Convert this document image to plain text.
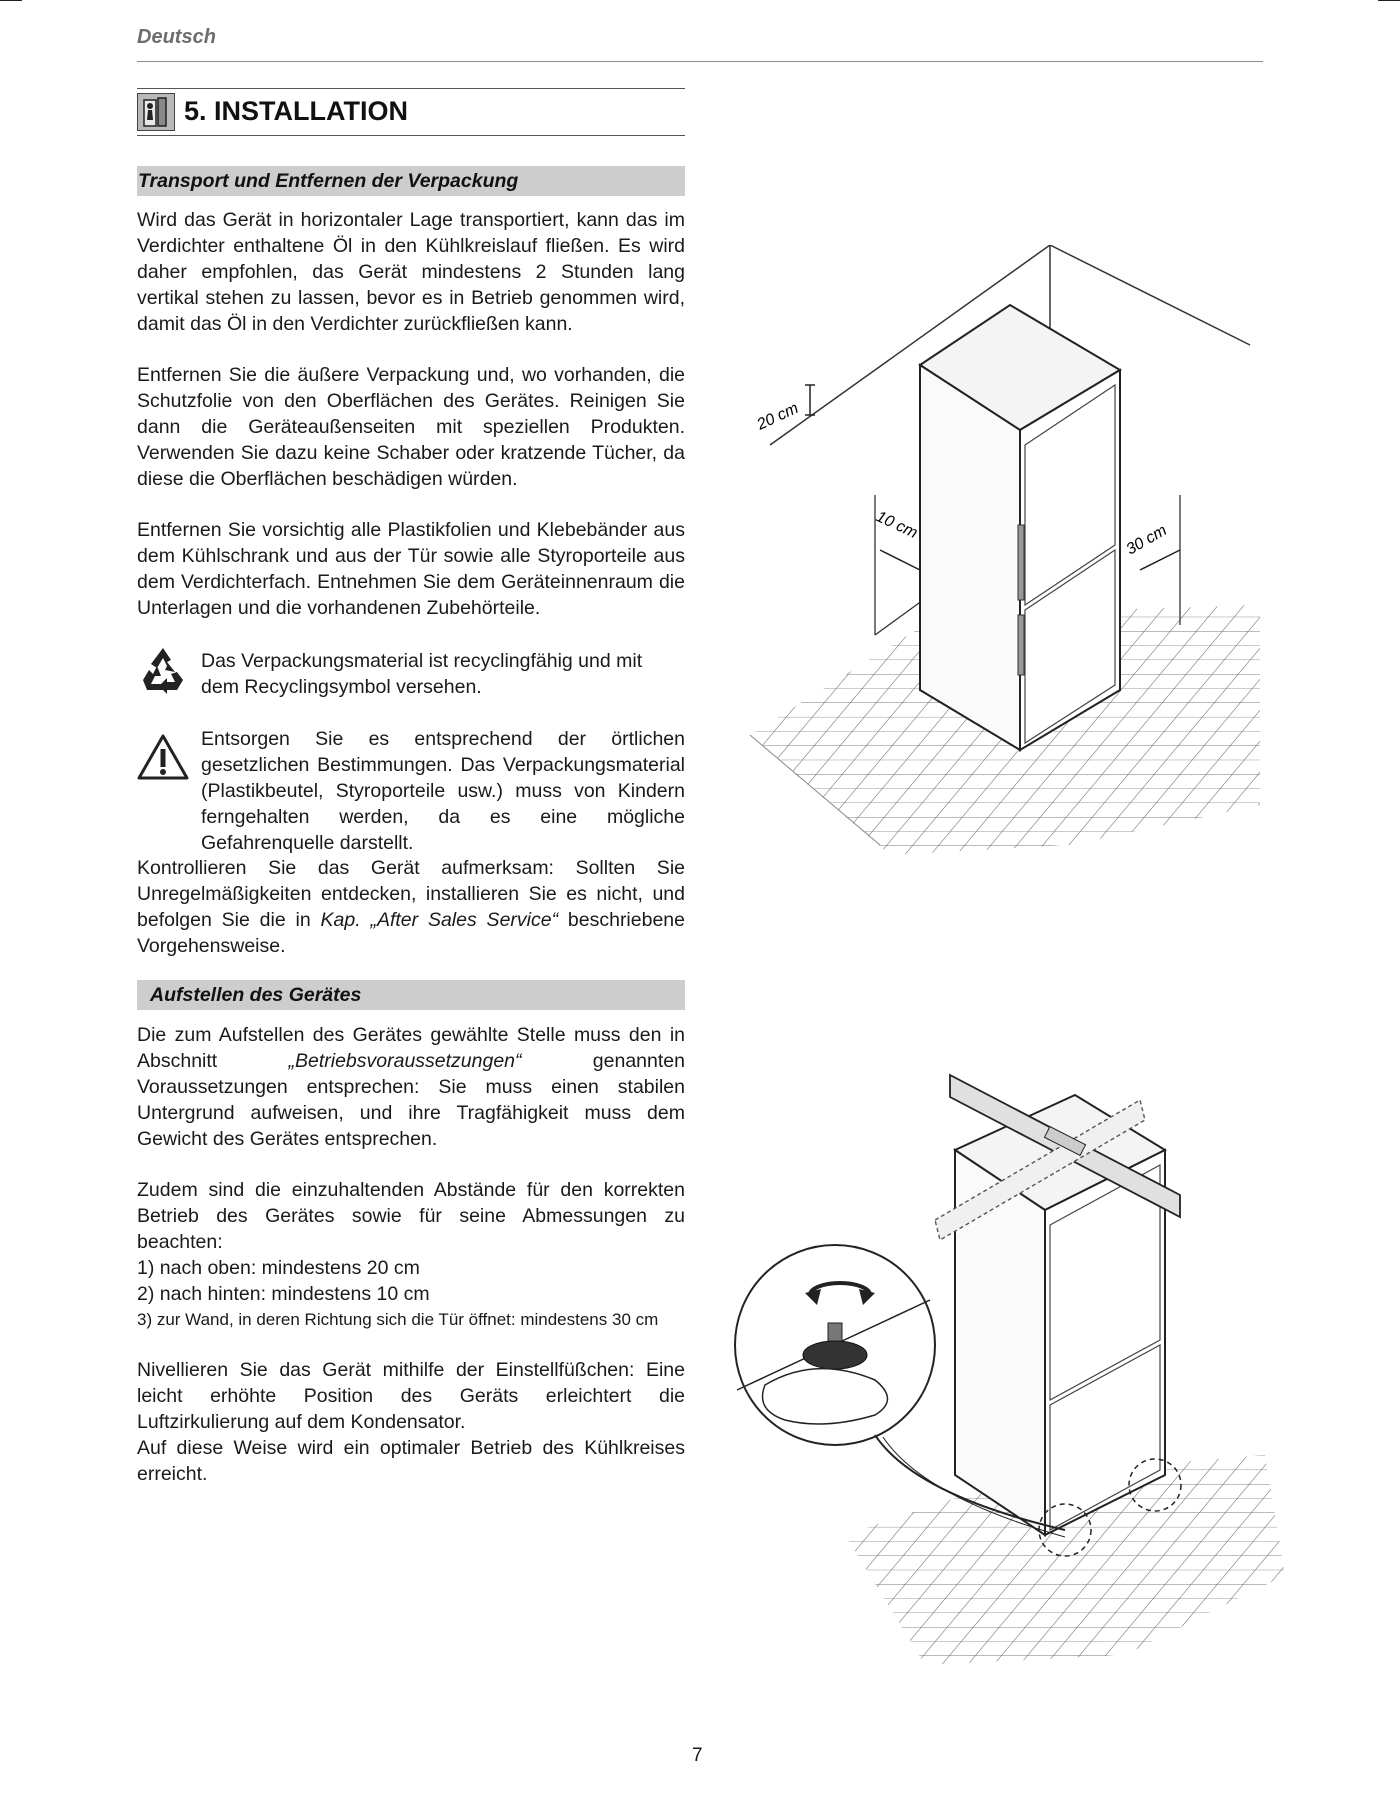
Deutsch
5. INSTALLATION
Transport und Entfernen der Verpackung

Wird das Gerät in horizontaler Lage transportiert, kann das im Verdichter enthaltene Öl in den Kühlkreislauf fließen. Es wird daher empfohlen, das Gerät mindestens 2 Stunden lang vertikal stehen zu lassen, bevor es in Betrieb genommen wird, damit das Öl in den Verdichter zurückfließen kann.

Entfernen Sie die äußere Verpackung und, wo vorhanden, die Schutzfolie von den Oberflächen des Gerätes. Reinigen Sie dann die Geräteaußenseiten mit speziellen Produkten. Verwenden Sie dazu keine Schaber oder kratzende Tücher, da diese die Oberflächen beschädigen würden.

Entfernen Sie vorsichtig alle Plastikfolien und Klebebänder aus dem Kühlschrank und aus der Tür sowie alle Styroporteile aus dem Verdichterfach. Entnehmen Sie dem Geräteinnenraum die Unterlagen und die vorhandenen Zubehörteile.

Das Verpackungsmaterial ist recyclingfähig und mit dem Recyclingsymbol versehen.

Entsorgen Sie es entsprechend der örtlichen gesetzlichen Bestimmungen. Das Verpackungsmaterial (Plastikbeutel, Styroporteile usw.) muss von Kindern ferngehalten werden, da es eine mögliche Gefahrenquelle darstellt.

Kontrollieren Sie das Gerät aufmerksam: Sollten Sie Unregelmäßigkeiten entdecken, installieren Sie es nicht, und befolgen Sie die in Kap. „After Sales Service“ beschriebene Vorgehensweise.

Aufstellen des Gerätes

Die zum Aufstellen des Gerätes gewählte Stelle muss den in Abschnitt „Betriebsvoraussetzungen“ genannten Voraussetzungen entsprechen: Sie muss einen stabilen Untergrund aufweisen, und ihre Tragfähigkeit muss dem Gewicht des Gerätes entsprechen.

Zudem sind die einzuhaltenden Abstände für den korrekten Betrieb des Gerätes sowie für seine Abmessungen zu beachten:

1) nach oben: mindestens 20 cm

2) nach hinten: mindestens 10 cm

3) zur Wand, in deren Richtung sich die Tür öffnet: mindestens 30 cm

Nivellieren Sie das Gerät mithilfe der Einstellfüßchen: Eine leicht erhöhte Position des Geräts erleichtert die Luftzirkulierung auf dem Kondensator.

Auf diese Weise wird ein optimaler Betrieb des Kühlkreises erreicht.

20 cm
10 cm	30 cm
7
